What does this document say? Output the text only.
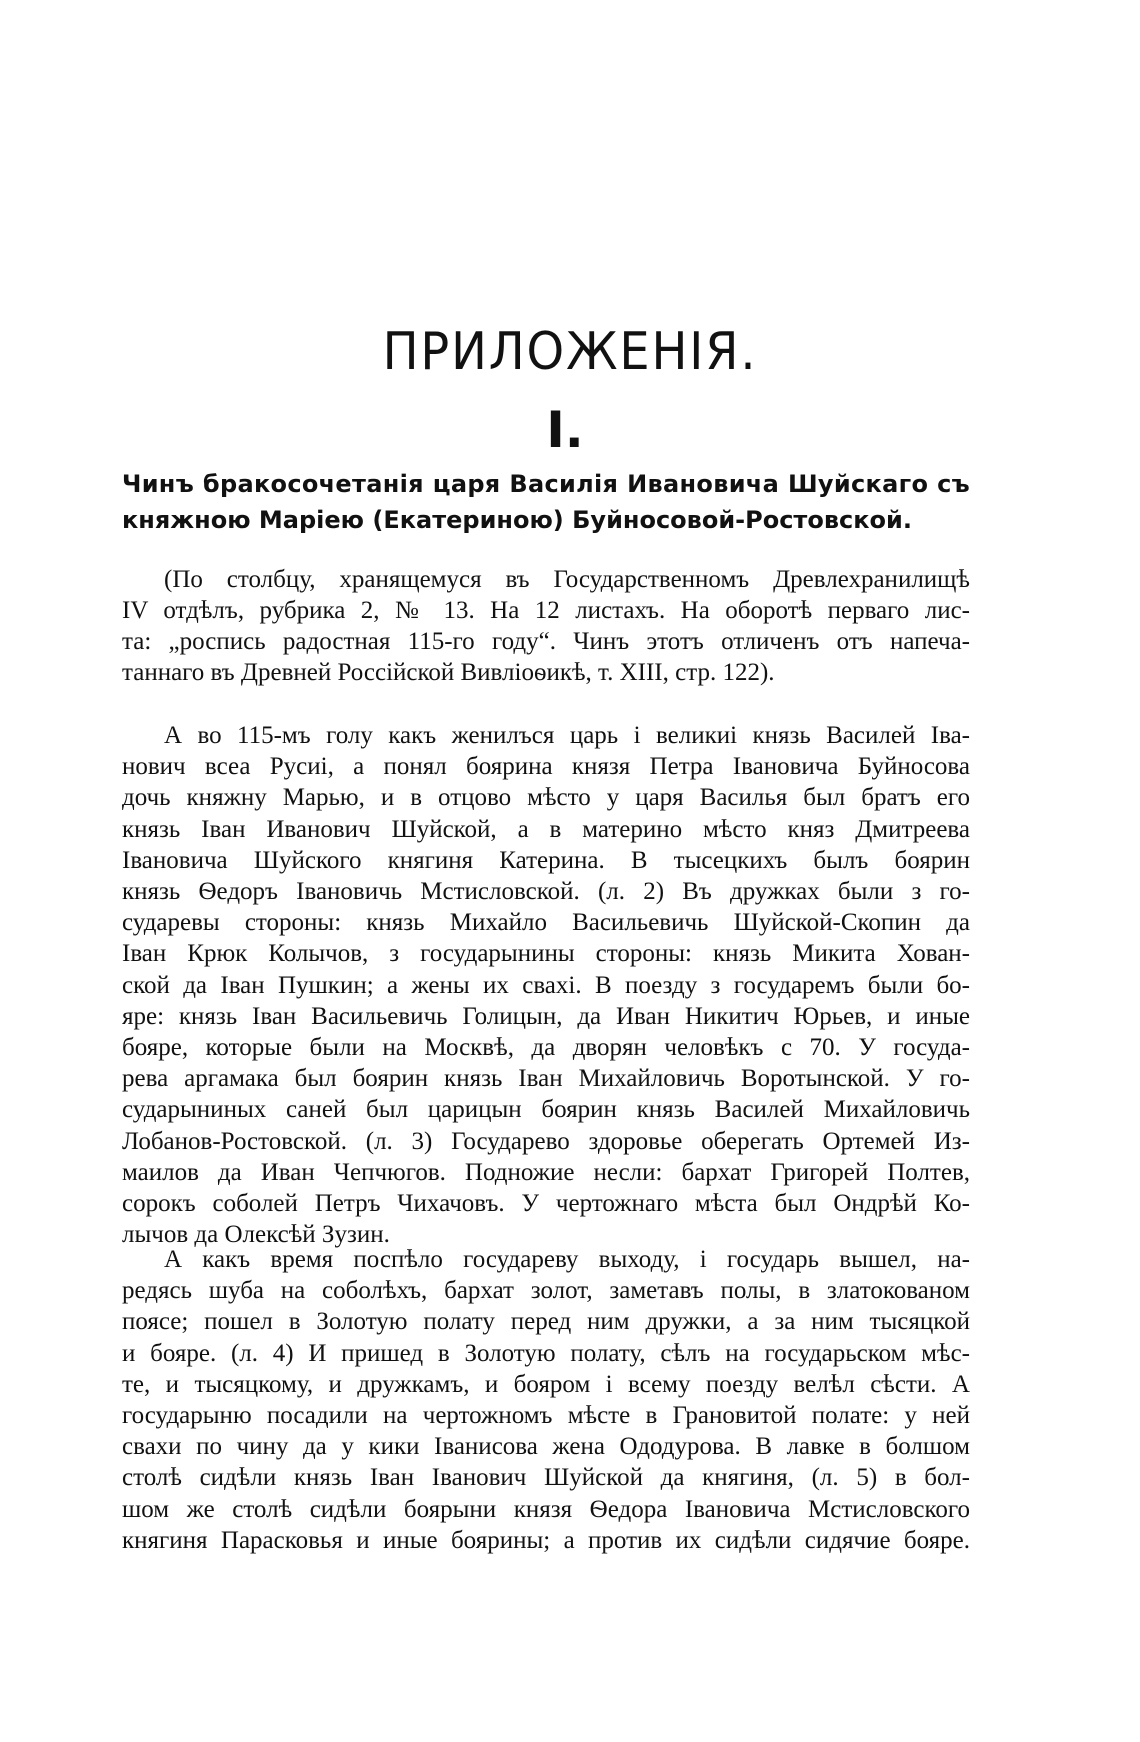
ПРИЛОЖЕНІЯ.
I.
Чинъ бракосочетанія царя Василія Ивановича Шуйскаго съ
княжною Маріею (Екатериною) Буйносовой-Ростовской.
(По столбцу, хранящемуся въ Государственномъ Древлехранилищѣ
IV отдѣлъ, рубрика 2, № 13. На 12 листахъ. На оборотѣ перваго лис-
та: „роспись радостная 115-го году“. Чинъ этотъ отличенъ отъ напеча-
таннаго въ Древней Россійской Вивліоѳикѣ, т. XIII, стр. 122).
А во 115-мъ голу какъ женилъся царь і великиі князь Василей Іва-
нович всеа Русиі, а понял боярина князя Петра Івановича Буйносова
дочь княжну Марью, и в отцово мѣсто у царя Василья был братъ его
князь Іван Иванович Шуйской, а в материно мѣсто княз Дмитреева
Івановича Шуйского княгиня Катерина. В тысецкихъ былъ боярин
князь Ѳедоръ Івановичь Мстисловской. (л. 2) Въ дружках были з го-
сударевы стороны: князь Михайло Васильевичь Шуйской-Скопин да
Іван Крюк Колычов, з государынины стороны: князь Микита Хован-
ской да Іван Пушкин; а жены их свахі. В поезду з государемъ были бо-
яре: князь Іван Васильевичь Голицын, да Иван Никитич Юрьев, и иные
бояре, которые были на Москвѣ, да дворян человѣкъ с 70. У госуда-
рева аргамака был боярин князь Іван Михайловичь Воротынской. У го-
сударыниных саней был царицын боярин князь Василей Михайловичь
Лобанов-Ростовской. (л. 3) Государево здоровье оберегать Ортемей Из-
маилов да Иван Чепчюгов. Подножие несли: бархат Григорей Полтев,
сорокъ соболей Петръ Чихачовъ. У чертожнаго мѣста был Ондрѣй Ко-
лычов да Олексѣй Зузин.
А какъ время поспѣло государеву выходу, і государь вышел, на-
редясь шуба на соболѣхъ, бархат золот, заметавъ полы, в златокованом
поясе; пошел в Золотую полату перед ним дружки, а за ним тысяцкой
и бояре. (л. 4) И пришед в Золотую полату, сѣлъ на государьском мѣс-
те, и тысяцкому, и дружкамъ, и бояром і всему поезду велѣл сѣсти. А
государыню посадили на чертожномъ мѣсте в Грановитой полате: у ней
свахи по чину да у кики Іванисова жена Ододурова. В лавке в болшом
столѣ сидѣли князь Іван Іванович Шуйской да княгиня, (л. 5) в бол-
шом же столѣ сидѣли боярыни князя Ѳедора Івановича Мстисловского
княгиня Парасковья и иные боярины; а против их сидѣли сидячие бояре.
